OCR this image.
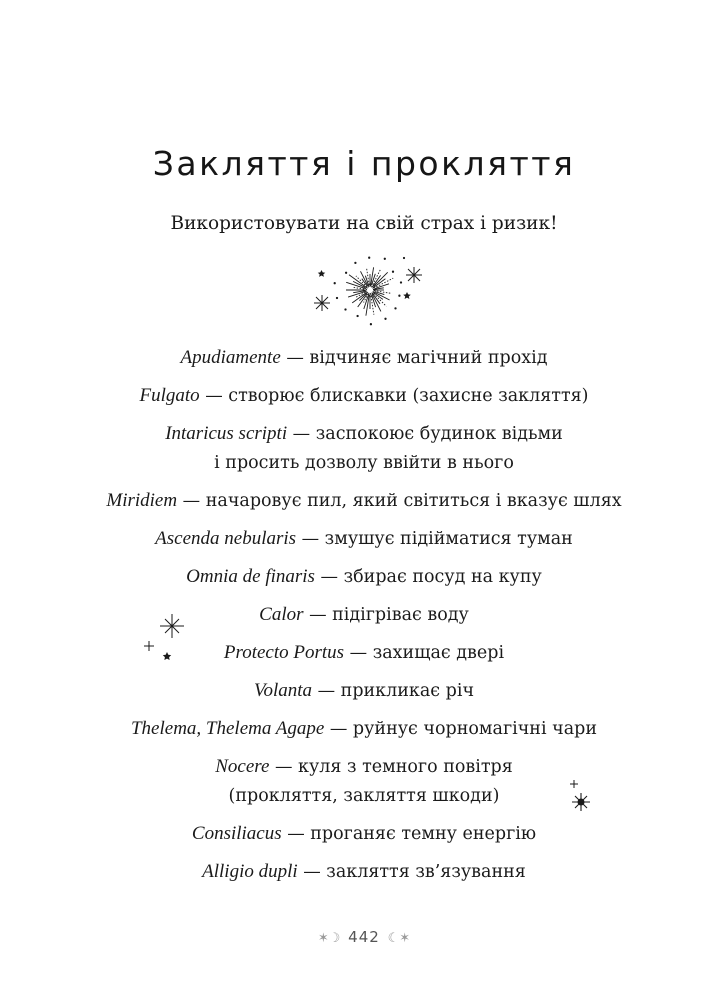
Закляття і прокляття
Використовувати на свій страх і ризик!
Apudiamente — відчиняє магічний прохід
Fulgato — створює блискавки (захисне закляття)
Intaricus scripti — заспокоює будинок відьми
і просить дозволу ввійти в нього
Miridiem — начаровує пил, який світиться і вказує шлях
Ascenda nebularis — змушує підійматися туман
Omnia de finaris — збирає посуд на купу
Calor — підігріває воду
Protecto Portus — захищає двері
Volanta — прикликає річ
Thelema, Thelema Agape — руйнує чорномагічні чари
Nocere — куля з темного повітря
(прокляття, закляття шкоди)
Consiliacus — проганяє темну енергію
Alligio dupli — закляття зв’язування
✶☽ 442 ☾✶
